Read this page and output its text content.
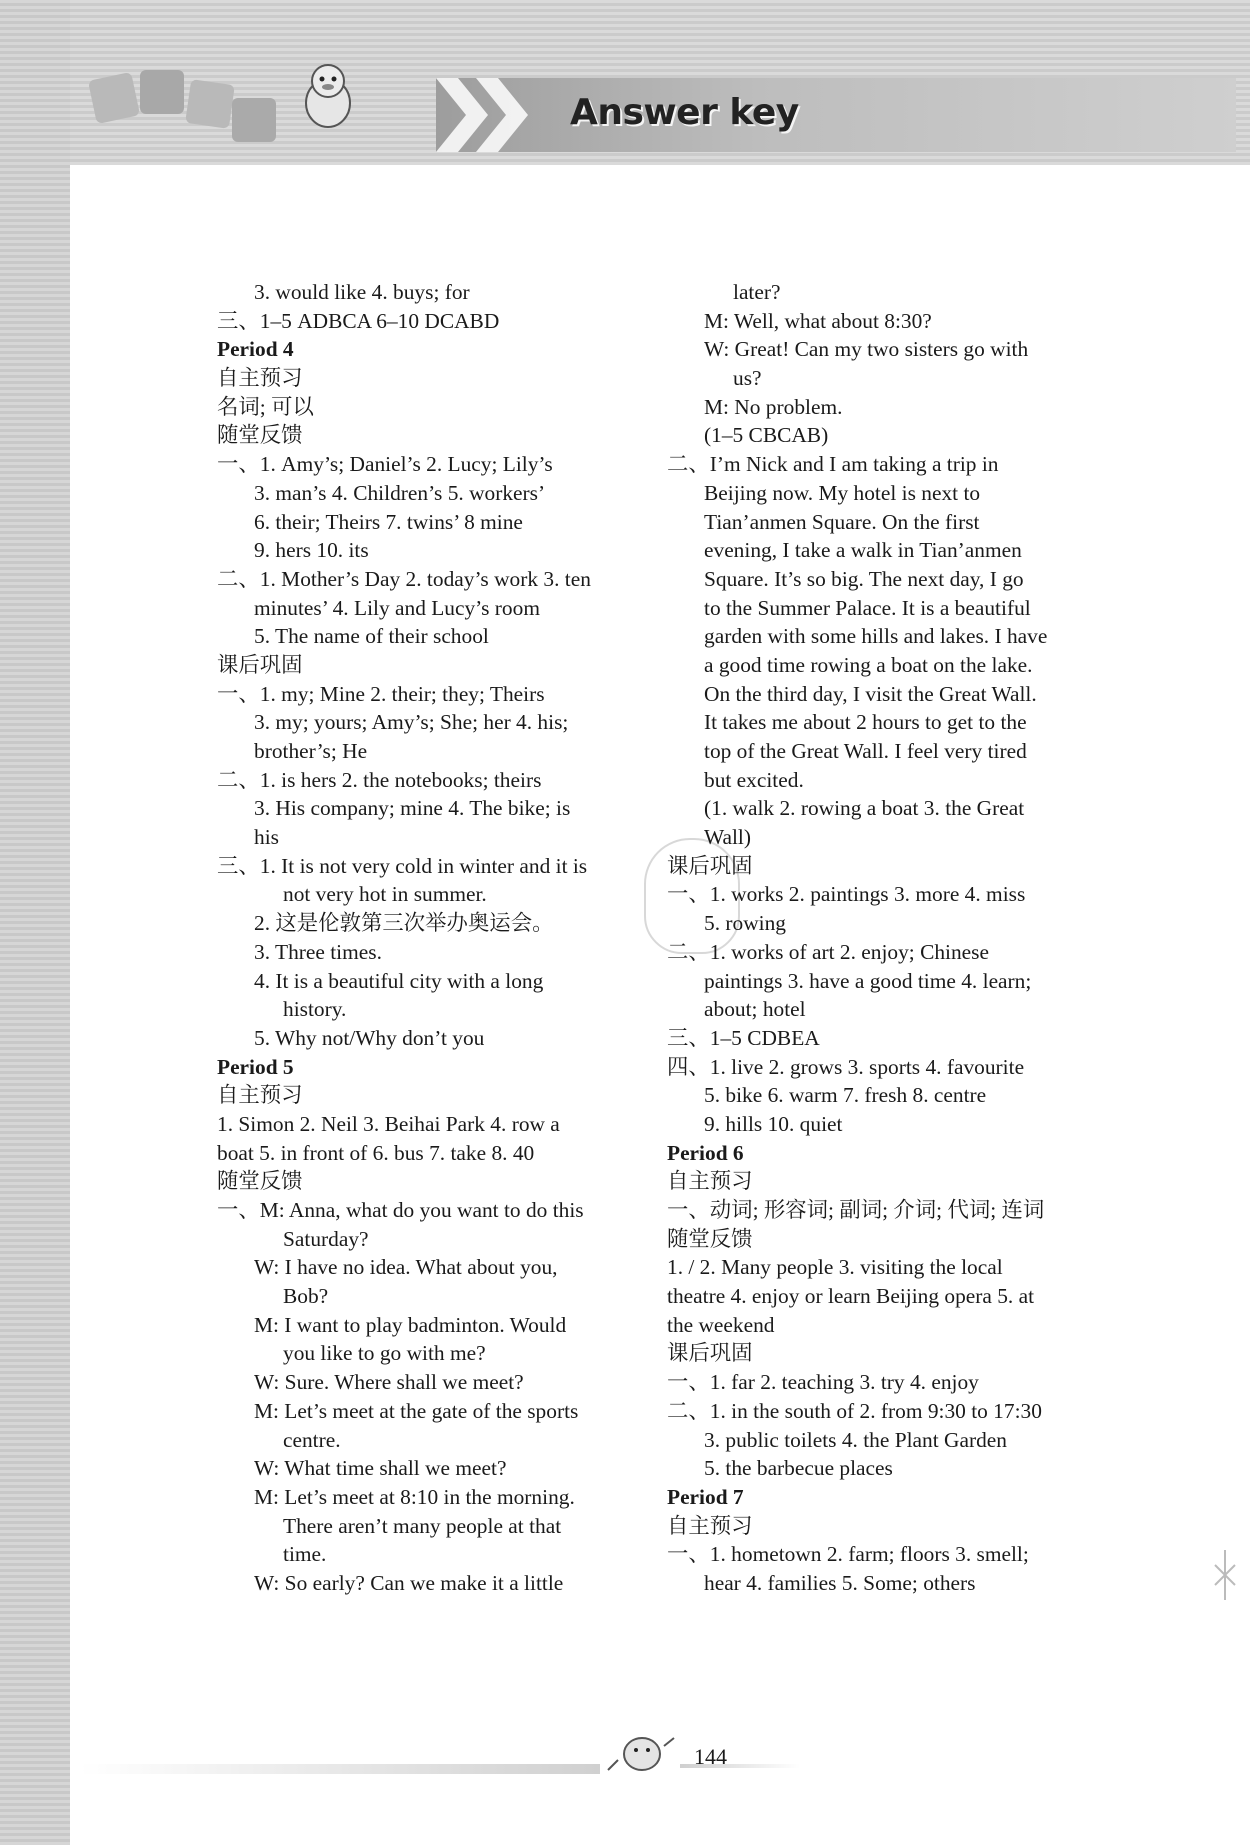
Answer key
3. would like 4. buys; for
三、1–5 ADBCA 6–10 DCABD
Period 4
自主预习
名词; 可以
随堂反馈
一、1. Amy’s; Daniel’s 2. Lucy; Lily’s
3. man’s 4. Children’s 5. workers’
6. their; Theirs 7. twins’ 8 mine
9. hers 10. its
二、1. Mother’s Day 2. today’s work 3. ten
minutes’ 4. Lily and Lucy’s room
5. The name of their school
课后巩固
一、1. my; Mine 2. their; they; Theirs
3. my; yours; Amy’s; She; her 4. his;
brother’s; He
二、1. is hers 2. the notebooks; theirs
3. His company; mine 4. The bike; is
his
三、1. It is not very cold in winter and it is
not very hot in summer.
2. 这是伦敦第三次举办奥运会。
3. Three times.
4. It is a beautiful city with a long
history.
5. Why not/Why don’t you
Period 5
自主预习
1. Simon 2. Neil 3. Beihai Park 4. row a
boat 5. in front of 6. bus 7. take 8. 40
随堂反馈
一、M: Anna, what do you want to do this
Saturday?
W: I have no idea. What about you,
Bob?
M: I want to play badminton. Would
you like to go with me?
W: Sure. Where shall we meet?
M: Let’s meet at the gate of the sports
centre.
W: What time shall we meet?
M: Let’s meet at 8:10 in the morning.
There aren’t many people at that
time.
W: So early? Can we make it a little
later?
M: Well, what about 8:30?
W: Great! Can my two sisters go with
us?
M: No problem.
(1–5 CBCAB)
二、I’m Nick and I am taking a trip in
Beijing now. My hotel is next to
Tian’anmen Square. On the first
evening, I take a walk in Tian’anmen
Square. It’s so big. The next day, I go
to the Summer Palace. It is a beautiful
garden with some hills and lakes. I have
a good time rowing a boat on the lake.
On the third day, I visit the Great Wall.
It takes me about 2 hours to get to the
top of the Great Wall. I feel very tired
but excited.
(1. walk 2. rowing a boat 3. the Great
Wall)
课后巩固
一、1. works 2. paintings 3. more 4. miss
5. rowing
二、1. works of art 2. enjoy; Chinese
paintings 3. have a good time 4. learn;
about; hotel
三、1–5 CDBEA
四、1. live 2. grows 3. sports 4. favourite
5. bike 6. warm 7. fresh 8. centre
9. hills 10. quiet
Period 6
自主预习
一、动词; 形容词; 副词; 介词; 代词; 连词
随堂反馈
1. / 2. Many people 3. visiting the local
theatre 4. enjoy or learn Beijing opera 5. at
the weekend
课后巩固
一、1. far 2. teaching 3. try 4. enjoy
二、1. in the south of 2. from 9:30 to 17:30
3. public toilets 4. the Plant Garden
5. the barbecue places
Period 7
自主预习
一、1. hometown 2. farm; floors 3. smell;
hear 4. families 5. Some; others
144
